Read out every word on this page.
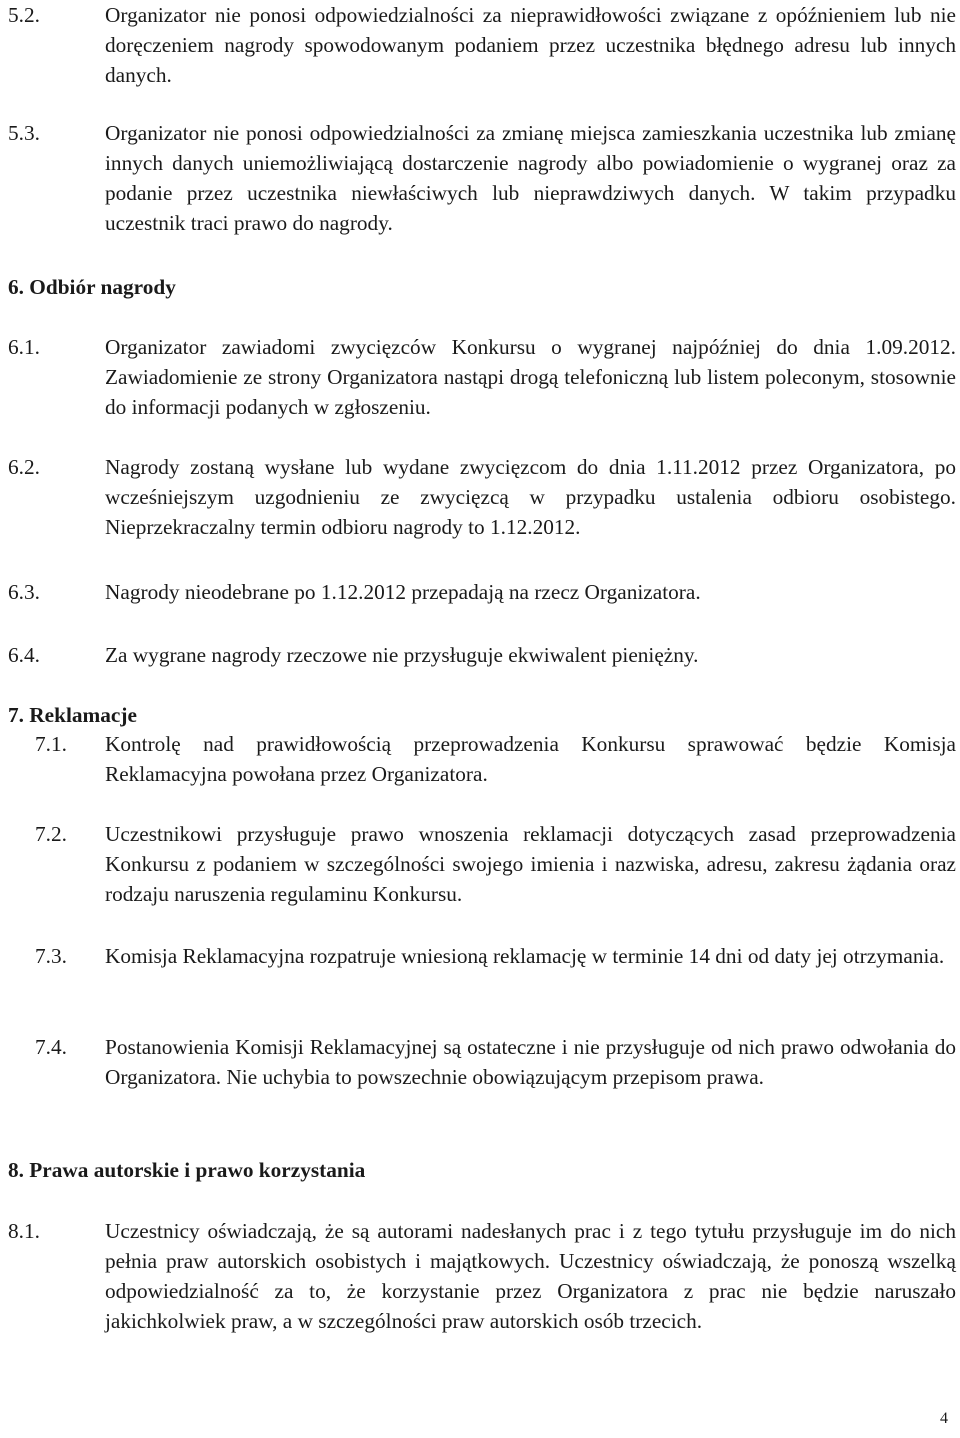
5.2.	Organizator nie ponosi odpowiedzialności za nieprawidłowości związane z opóźnieniem lub nie doręczeniem nagrody spowodowanym podaniem przez uczestnika błędnego adresu lub innych danych.
5.3.	Organizator nie ponosi odpowiedzialności za zmianę miejsca zamieszkania uczestnika lub zmianę innych danych uniemożliwiającą dostarczenie nagrody albo powiadomienie o wygranej oraz za podanie przez uczestnika niewłaściwych lub nieprawdziwych danych. W takim przypadku uczestnik traci prawo do nagrody.
6. Odbiór nagrody
6.1.	Organizator zawiadomi zwycięzców Konkursu o wygranej najpóźniej do dnia 1.09.2012. Zawiadomienie ze strony Organizatora nastąpi drogą telefoniczną lub listem poleconym, stosownie do informacji podanych w zgłoszeniu.
6.2.	Nagrody zostaną wysłane lub wydane zwycięzcom do dnia 1.11.2012 przez Organizatora, po wcześniejszym uzgodnieniu ze zwycięzcą w przypadku ustalenia odbioru osobistego. Nieprzekraczalny termin odbioru nagrody to 1.12.2012.
6.3.	Nagrody nieodebrane po 1.12.2012 przepadają na rzecz Organizatora.
6.4.	Za wygrane nagrody rzeczowe nie przysługuje ekwiwalent pieniężny.
7. Reklamacje
7.1.	Kontrolę nad prawidłowością przeprowadzenia Konkursu sprawować będzie Komisja Reklamacyjna powołana przez Organizatora.
7.2.	Uczestnikowi przysługuje prawo wnoszenia reklamacji dotyczących zasad przeprowadzenia Konkursu z podaniem w szczególności swojego imienia i nazwiska, adresu, zakresu żądania oraz rodzaju naruszenia regulaminu Konkursu.
7.3.	Komisja Reklamacyjna rozpatruje wniesioną reklamację w terminie 14 dni od daty jej otrzymania.
7.4.	Postanowienia Komisji Reklamacyjnej są ostateczne i nie przysługuje od nich prawo odwołania do Organizatora. Nie uchybia to powszechnie obowiązującym przepisom prawa.
8. Prawa autorskie i prawo korzystania
8.1.	Uczestnicy oświadczają, że są autorami nadesłanych prac i z tego tytułu przysługuje im do nich pełnia praw autorskich osobistych i majątkowych. Uczestnicy oświadczają, że ponoszą wszelką odpowiedzialność za to, że korzystanie przez Organizatora z prac nie będzie naruszało jakichkolwiek praw, a w szczególności praw autorskich osób trzecich.
4
